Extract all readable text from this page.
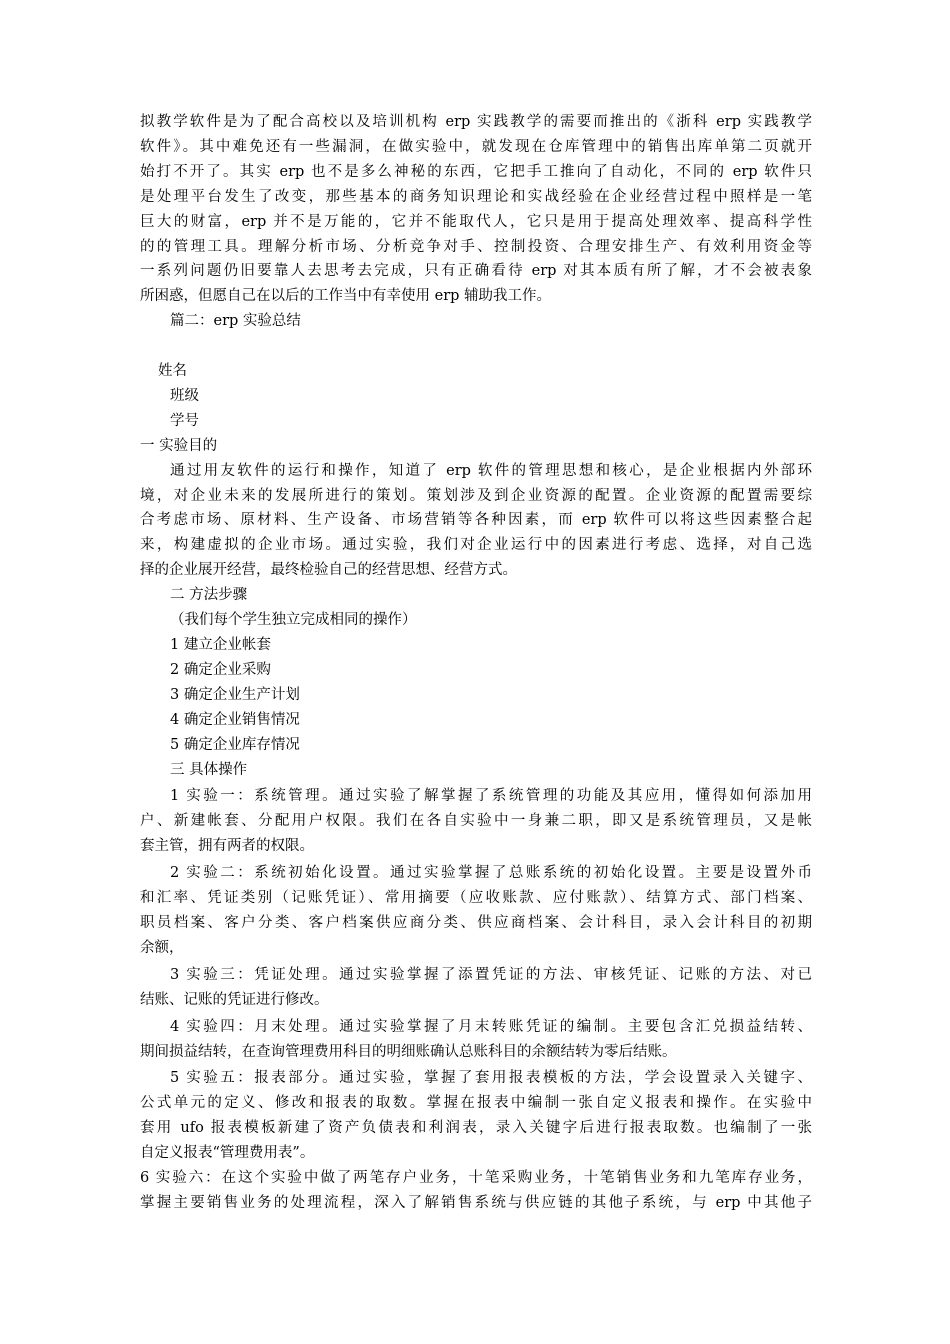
拟教学软件是为了配合高校以及培训机构 erp 实践教学的需要而推出的《浙科 erp 实践教学

软件》。其中难免还有一些漏洞，在做实验中，就发现在仓库管理中的销售出库单第二页就开

始打不开了。其实 erp 也不是多么神秘的东西，它把手工推向了自动化，不同的 erp 软件只

是处理平台发生了改变，那些基本的商务知识理论和实战经验在企业经营过程中照样是一笔

巨大的财富，erp 并不是万能的，它并不能取代人，它只是用于提高处理效率、提高科学性

的的管理工具。理解分析市场、分析竞争对手、控制投资、合理安排生产、有效利用资金等

一系列问题仍旧要靠人去思考去完成，只有正确看待 erp 对其本质有所了解，才不会被表象

所困惑，但愿自己在以后的工作当中有幸使用 erp 辅助我工作。

篇二：erp 实验总结

姓名

班级

学号

一 实验目的

通过用友软件的运行和操作，知道了 erp 软件的管理思想和核心，是企业根据内外部环

境，对企业未来的发展所进行的策划。策划涉及到企业资源的配置。企业资源的配置需要综

合考虑市场、原材料、生产设备、市场营销等各种因素，而 erp 软件可以将这些因素整合起

来，构建虚拟的企业市场。通过实验，我们对企业运行中的因素进行考虑、选择，对自己选

择的企业展开经营，最终检验自己的经营思想、经营方式。

二 方法步骤

（我们每个学生独立完成相同的操作）

1 建立企业帐套

2 确定企业采购

3 确定企业生产计划

4 确定企业销售情况

5 确定企业库存情况

三 具体操作

1 实验一：系统管理。通过实验了解掌握了系统管理的功能及其应用，懂得如何添加用

户、新建帐套、分配用户权限。我们在各自实验中一身兼二职，即又是系统管理员，又是帐

套主管，拥有两者的权限。

2 实验二：系统初始化设置。通过实验掌握了总账系统的初始化设置。主要是设置外币

和汇率、凭证类别（记账凭证）、常用摘要（应收账款、应付账款）、结算方式、部门档案、

职员档案、客户分类、客户档案供应商分类、供应商档案、会计科目，录入会计科目的初期

余额，

3 实验三：凭证处理。通过实验掌握了添置凭证的方法、审核凭证、记账的方法、对已

结账、记账的凭证进行修改。

4 实验四：月末处理。通过实验掌握了月末转账凭证的编制。主要包含汇兑损益结转、

期间损益结转，在查询管理费用科目的明细账确认总账科目的余额结转为零后结账。

5 实验五：报表部分。通过实验，掌握了套用报表模板的方法，学会设置录入关键字、

公式单元的定义、修改和报表的取数。掌握在报表中编制一张自定义报表和操作。在实验中

套用 ufo 报表模板新建了资产负债表和利润表，录入关键字后进行报表取数。也编制了一张

自定义报表“管理费用表”。

6 实验六：在这个实验中做了两笔存户业务，十笔采购业务，十笔销售业务和九笔库存业务，

掌握主要销售业务的处理流程，深入了解销售系统与供应链的其他子系统，与 erp 中其他子
